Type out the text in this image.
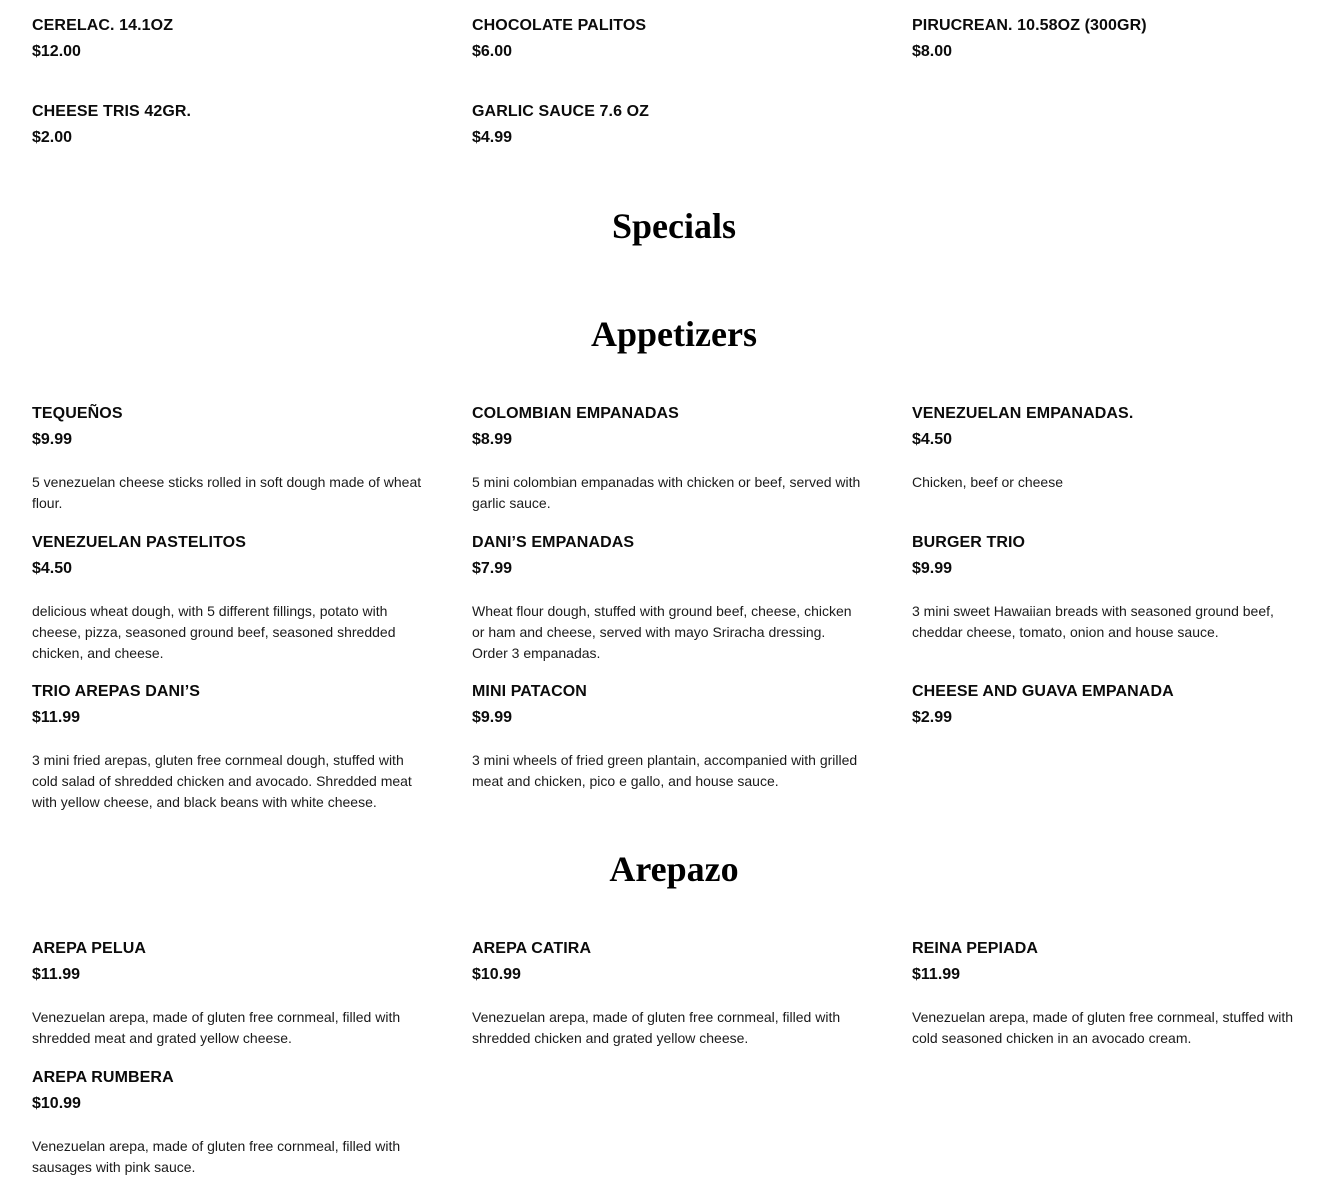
CERELAC. 14.1OZ
$12.00
CHOCOLATE PALITOS
$6.00
PIRUCREAN. 10.58OZ (300GR)
$8.00
CHEESE TRIS 42GR.
$2.00
GARLIC SAUCE 7.6 OZ
$4.99
Specials
Appetizers
TEQUEÑOS
$9.99
5 venezuelan cheese sticks rolled in soft dough made of wheat flour.
COLOMBIAN EMPANADAS
$8.99
5 mini colombian empanadas with chicken or beef, served with garlic sauce.
VENEZUELAN EMPANADAS.
$4.50
Chicken, beef or cheese
VENEZUELAN PASTELITOS
$4.50
delicious wheat dough, with 5 different fillings, potato with cheese, pizza, seasoned ground beef, seasoned shredded chicken, and cheese.
DANI’S EMPANADAS
$7.99
Wheat flour dough, stuffed with ground beef, cheese, chicken or ham and cheese, served with mayo Sriracha dressing. Order 3 empanadas.
BURGER TRIO
$9.99
3 mini sweet Hawaiian breads with seasoned ground beef, cheddar cheese, tomato, onion and house sauce.
TRIO AREPAS DANI’S
$11.99
3 mini fried arepas, gluten free cornmeal dough, stuffed with cold salad of shredded chicken and avocado. Shredded meat with yellow cheese, and black beans with white cheese.
MINI PATACON
$9.99
3 mini wheels of fried green plantain, accompanied with grilled meat and chicken, pico e gallo, and house sauce.
CHEESE AND GUAVA EMPANADA
$2.99
Arepazo
AREPA PELUA
$11.99
Venezuelan arepa, made of gluten free cornmeal, filled with shredded meat and grated yellow cheese.
AREPA CATIRA
$10.99
Venezuelan arepa, made of gluten free cornmeal, filled with shredded chicken and grated yellow cheese.
REINA PEPIADA
$11.99
Venezuelan arepa, made of gluten free cornmeal, stuffed with cold seasoned chicken in an avocado cream.
AREPA RUMBERA
$10.99
Venezuelan arepa, made of gluten free cornmeal, filled with sausages with pink sauce.
